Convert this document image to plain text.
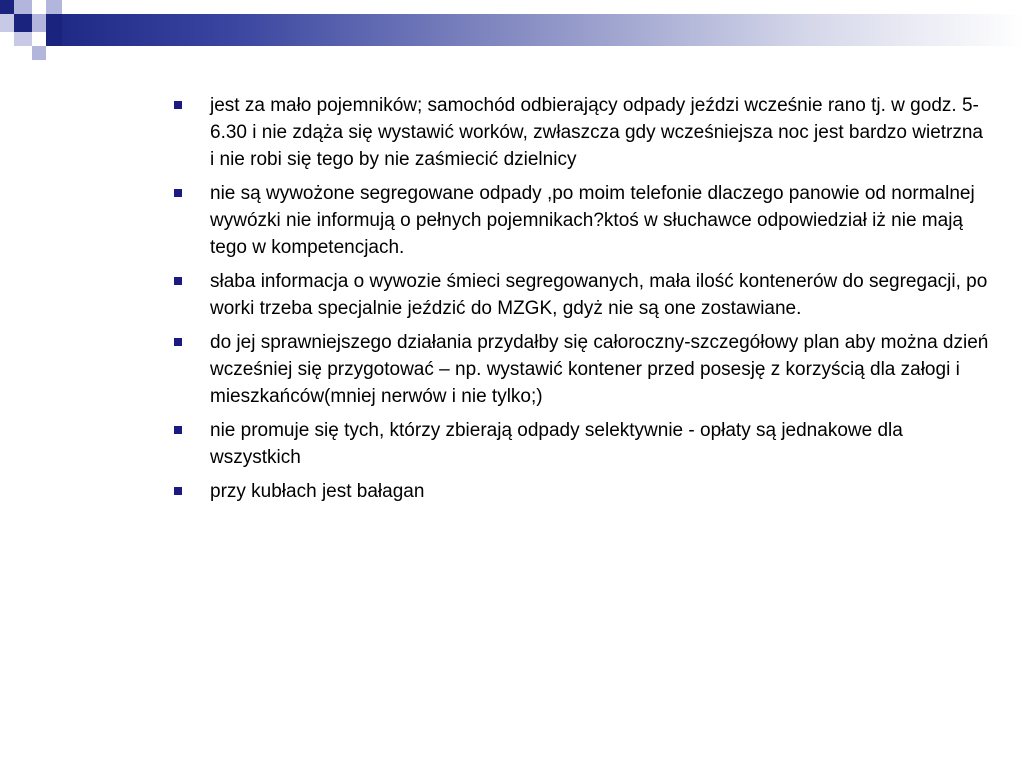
jest za mało pojemników; samochód odbierający odpady jeździ wcześnie rano tj. w godz. 5-6.30 i nie zdąża się wystawić worków, zwłaszcza gdy wcześniejsza noc jest bardzo wietrzna i nie robi się tego by nie zaśmiecić dzielnicy
nie są wywożone segregowane odpady ,po moim telefonie dlaczego panowie od normalnej wywózki nie informują o pełnych pojemnikach?ktoś w słuchawce odpowiedział iż nie mają tego w kompetencjach.
słaba informacja o wywozie śmieci segregowanych, mała ilość kontenerów do segregacji, po worki trzeba specjalnie jeździć do MZGK, gdyż nie są one zostawiane.
do jej sprawniejszego działania przydałby się całoroczny-szczegółowy plan aby można dzień wcześniej się przygotować – np. wystawić kontener przed posesję z korzyścią dla załogi i mieszkańców(mniej nerwów i nie tylko;)
nie promuje się tych, którzy zbierają odpady selektywnie - opłaty są jednakowe dla wszystkich
przy kubłach jest bałagan
